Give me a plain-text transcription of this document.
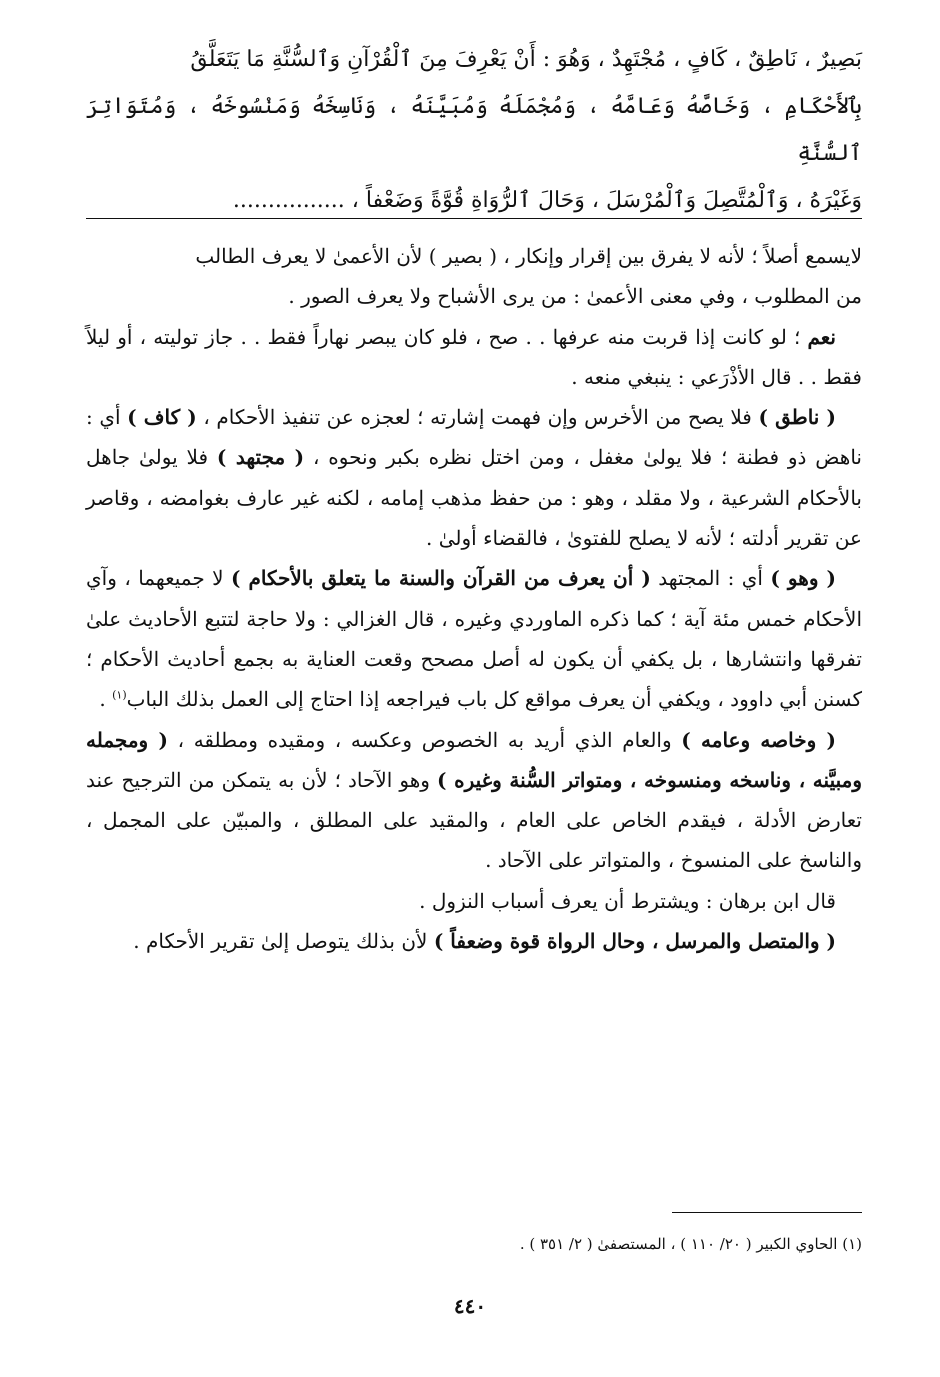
بَصِيرٌ ، نَاطِقٌ ، كَافٍ ، مُجْتَهِدٌ ، وَهُوَ : أَنْ يَعْرِفَ مِنَ ٱلْقُرْآنِ وَٱلسُّنَّةِ مَا يَتَعَلَّقُ

بِٱلأَحْكَامِ ، وَخَاصَّهُ وَعَامَّهُ ، وَمُجْمَلَهُ وَمُبَيَّنَهُ ، وَنَاسِخَهُ وَمَنْسُوخَهُ ، وَمُتَوَاتِرَ ٱلسُّنَّةِ

وَغَيْرَهُ ، وَٱلْمُتَّصِلَ وَٱلْمُرْسَلَ ، وَحَالَ ٱلرُّوَاةِ قُوَّةً وَضَعْفاً ، ................

لايسمع أصلاً ؛ لأنه لا يفرق بين إقرار وإنكار ، ( بصير ) لأن الأعمىٰ لا يعرف الطالب
من المطلوب ، وفي معنى الأعمىٰ : من يرى الأشباح ولا يعرف الصور .

نعم ؛ لو كانت إذا قربت منه عرفها . . صح ، فلو كان يبصر نهاراً فقط . . جاز توليته ، أو ليلاً فقط . . قال الأذْرَعي : ينبغي منعه .

( ناطق ) فلا يصح من الأخرس وإن فهمت إشارته ؛ لعجزه عن تنفيذ الأحكام ، ( كاف ) أي : ناهض ذو فطنة ؛ فلا يولىٰ مغفل ، ومن اختل نظره بكبر ونحوه ، ( مجتهد ) فلا يولىٰ جاهل بالأحكام الشرعية ، ولا مقلد ، وهو : من حفظ مذهب إمامه ، لكنه غير عارف بغوامضه ، وقاصر عن تقرير أدلته ؛ لأنه لا يصلح للفتوىٰ ، فالقضاء أولىٰ .

( وهو ) أي : المجتهد ( أن يعرف من القرآن والسنة ما يتعلق بالأحكام ) لا جميعهما ، وآي الأحكام خمس مئة آية ؛ كما ذكره الماوردي وغيره ، قال الغزالي : ولا حاجة لتتبع الأحاديث علىٰ تفرقها وانتشارها ، بل يكفي أن يكون له أصل مصحح وقعت العناية به بجمع أحاديث الأحكام ؛ كسنن أبي داوود ، ويكفي أن يعرف مواقع كل باب فيراجعه إذا احتاج إلى العمل بذلك الباب$^{(١)}$ .

( وخاصه وعامه ) والعام الذي أريد به الخصوص وعكسه ، ومقيده ومطلقه ، ( ومجمله ومبيَّنه ، وناسخه ومنسوخه ، ومتواتر السُّنة وغيره ) وهو الآحاد ؛ لأن به يتمكن من الترجيح عند تعارض الأدلة ، فيقدم الخاص على العام ، والمقيد على المطلق ، والمبيّن على المجمل ، والناسخ على المنسوخ ، والمتواتر على الآحاد .

قال ابن برهان : ويشترط أن يعرف أسباب النزول .

( والمتصل والمرسل ، وحال الرواة قوة وضعفاً ) لأن بذلك يتوصل إلىٰ تقرير الأحكام .

(١) الحاوي الكبير ( ٢٠/ ١١٠ ) ، المستصفىٰ ( ٢/ ٣٥١ ) .
٤٤٠
